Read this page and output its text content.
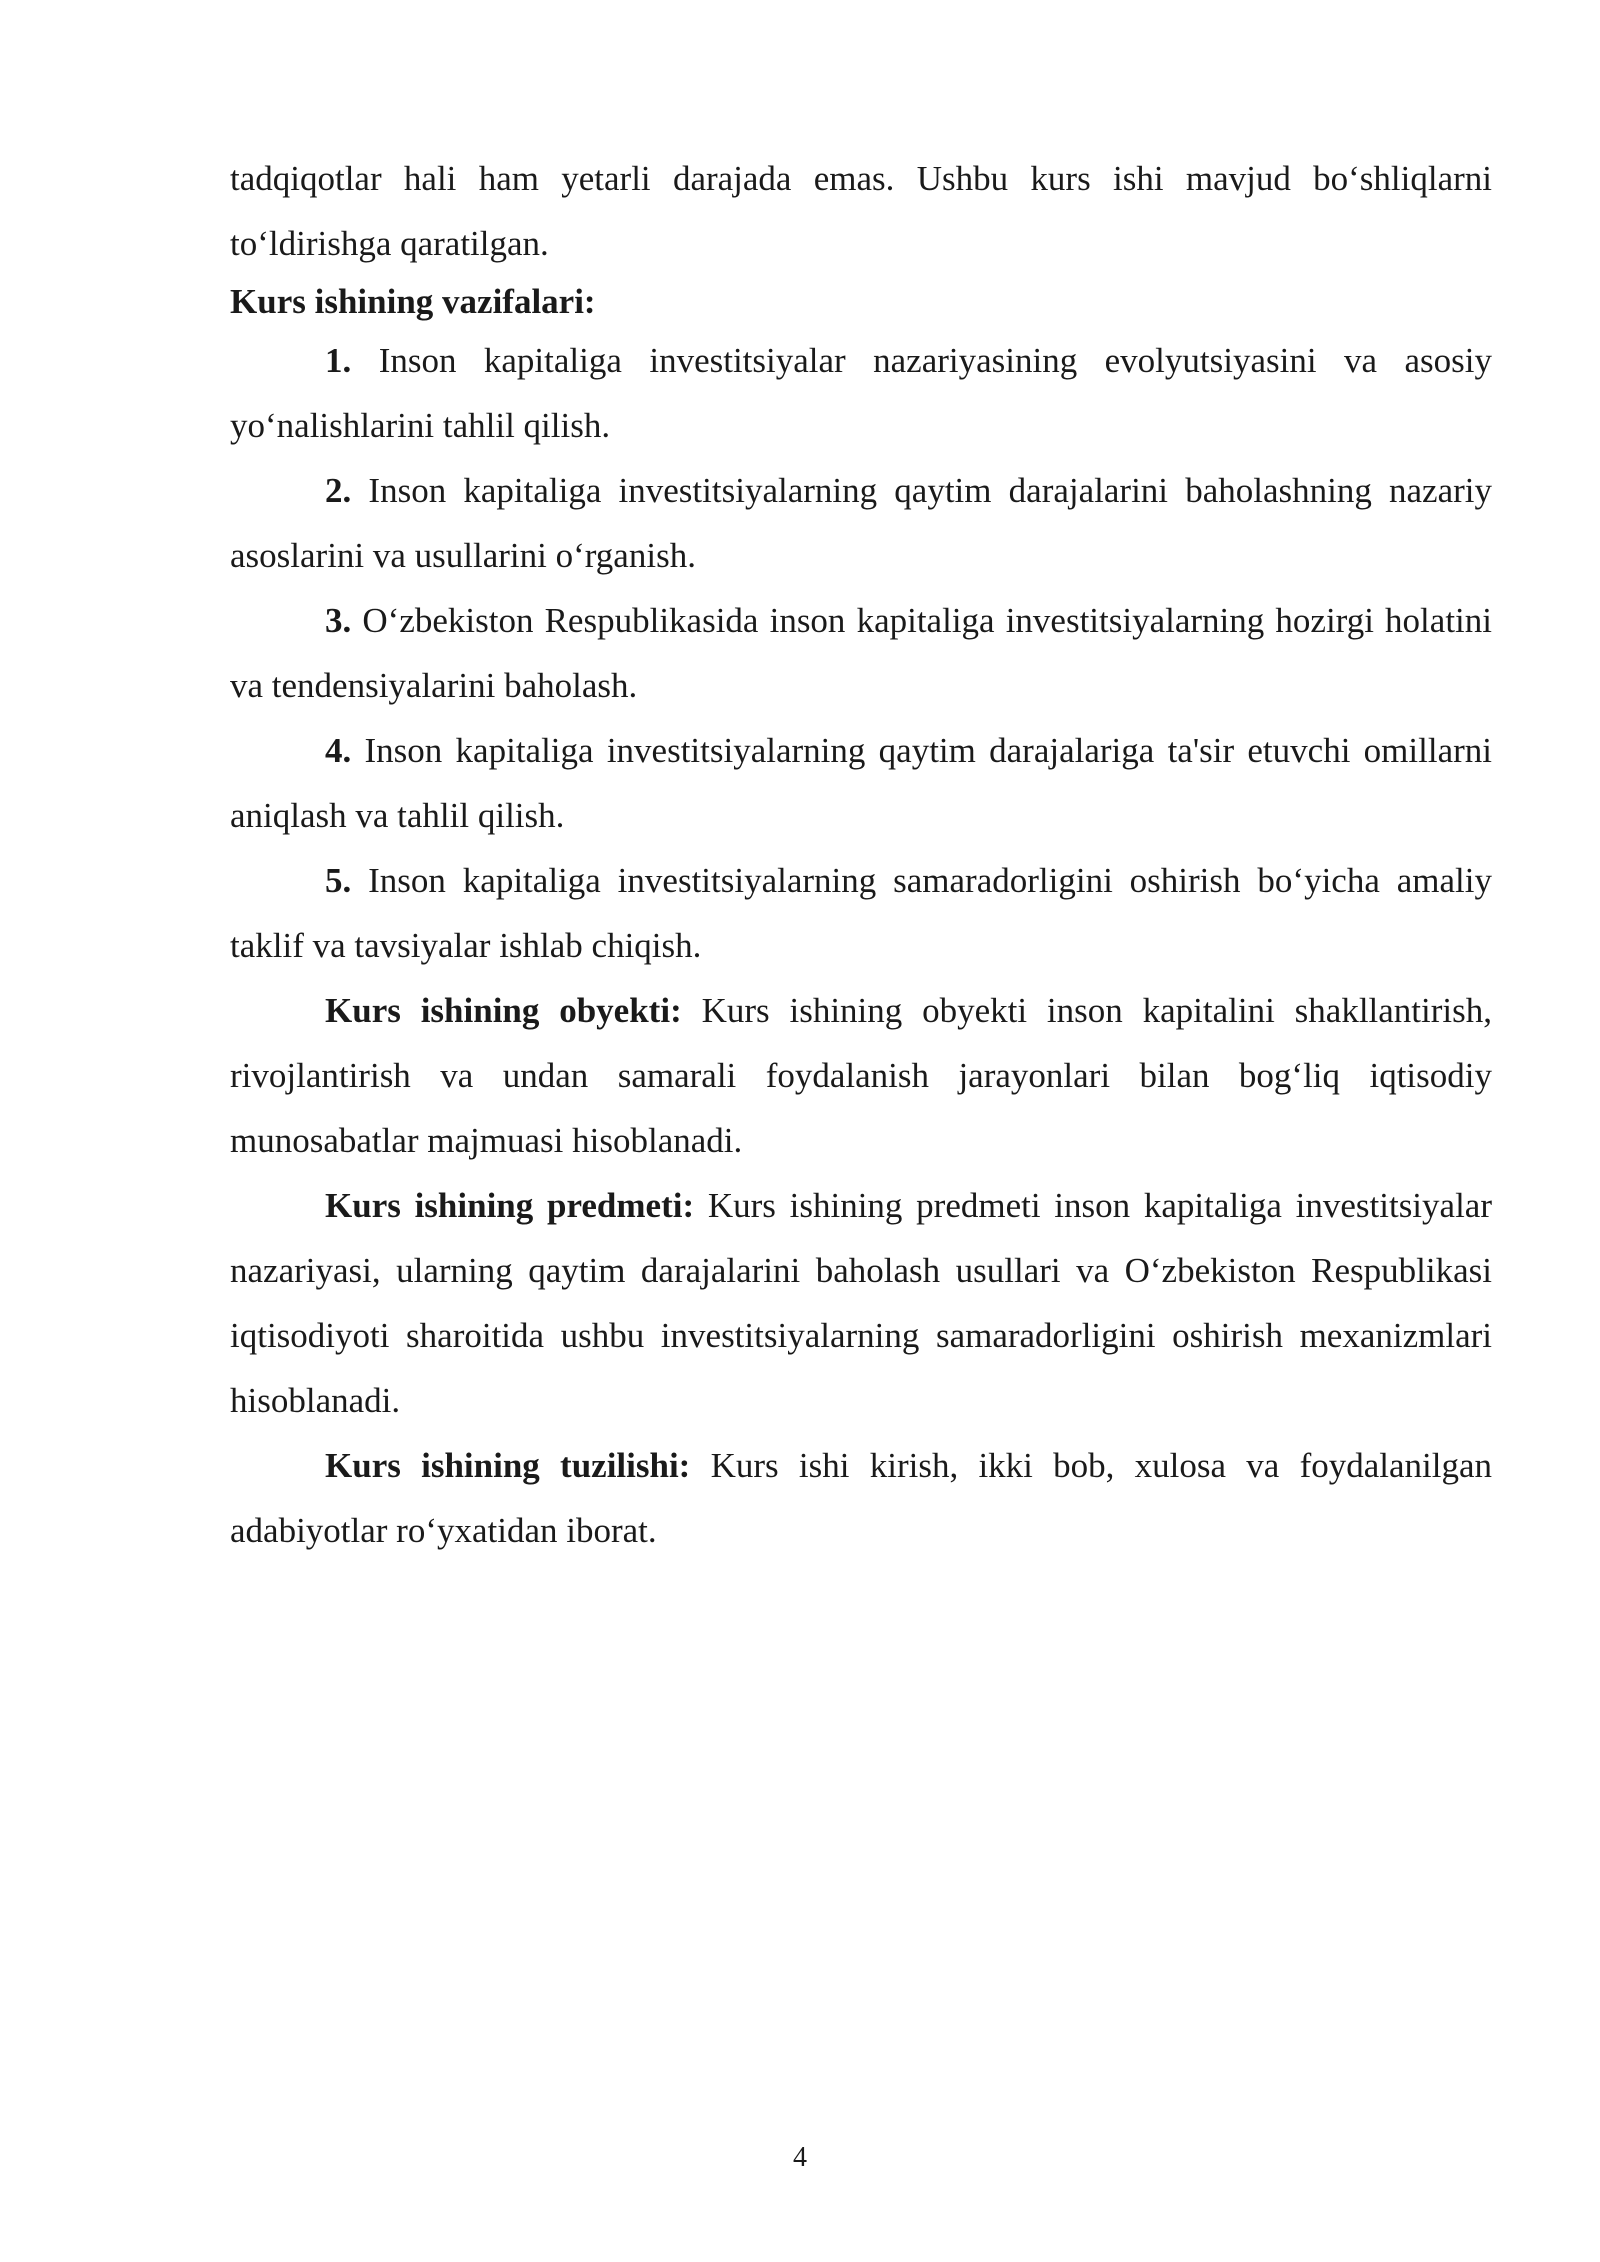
tadqiqotlar hali ham yetarli darajada emas. Ushbu kurs ishi mavjud bo‘shliqlarni to‘ldirishga qaratilgan.

Kurs ishining vazifalari:

1. Inson kapitaliga investitsiyalar nazariyasining evolyutsiyasini va asosiy yo‘nalishlarini tahlil qilish.

2. Inson kapitaliga investitsiyalarning qaytim darajalarini baholashning nazariy asoslarini va usullarini o‘rganish.

3. O‘zbekiston Respublikasida inson kapitaliga investitsiyalarning hozirgi holatini va tendensiyalarini baholash.

4. Inson kapitaliga investitsiyalarning qaytim darajalariga ta'sir etuvchi omillarni aniqlash va tahlil qilish.

5. Inson kapitaliga investitsiyalarning samaradorligini oshirish bo‘yicha amaliy taklif va tavsiyalar ishlab chiqish.

Kurs ishining obyekti: Kurs ishining obyekti inson kapitalini shakllantirish, rivojlantirish va undan samarali foydalanish jarayonlari bilan bog‘liq iqtisodiy munosabatlar majmuasi hisoblanadi.

Kurs ishining predmeti: Kurs ishining predmeti inson kapitaliga investitsiyalar nazariyasi, ularning qaytim darajalarini baholash usullari va O‘zbekiston Respublikasi iqtisodiyoti sharoitida ushbu investitsiyalarning samaradorligini oshirish mexanizmlari hisoblanadi.

Kurs ishining tuzilishi: Kurs ishi kirish, ikki bob, xulosa va foydalanilgan adabiyotlar ro‘yxatidan iborat.

4
